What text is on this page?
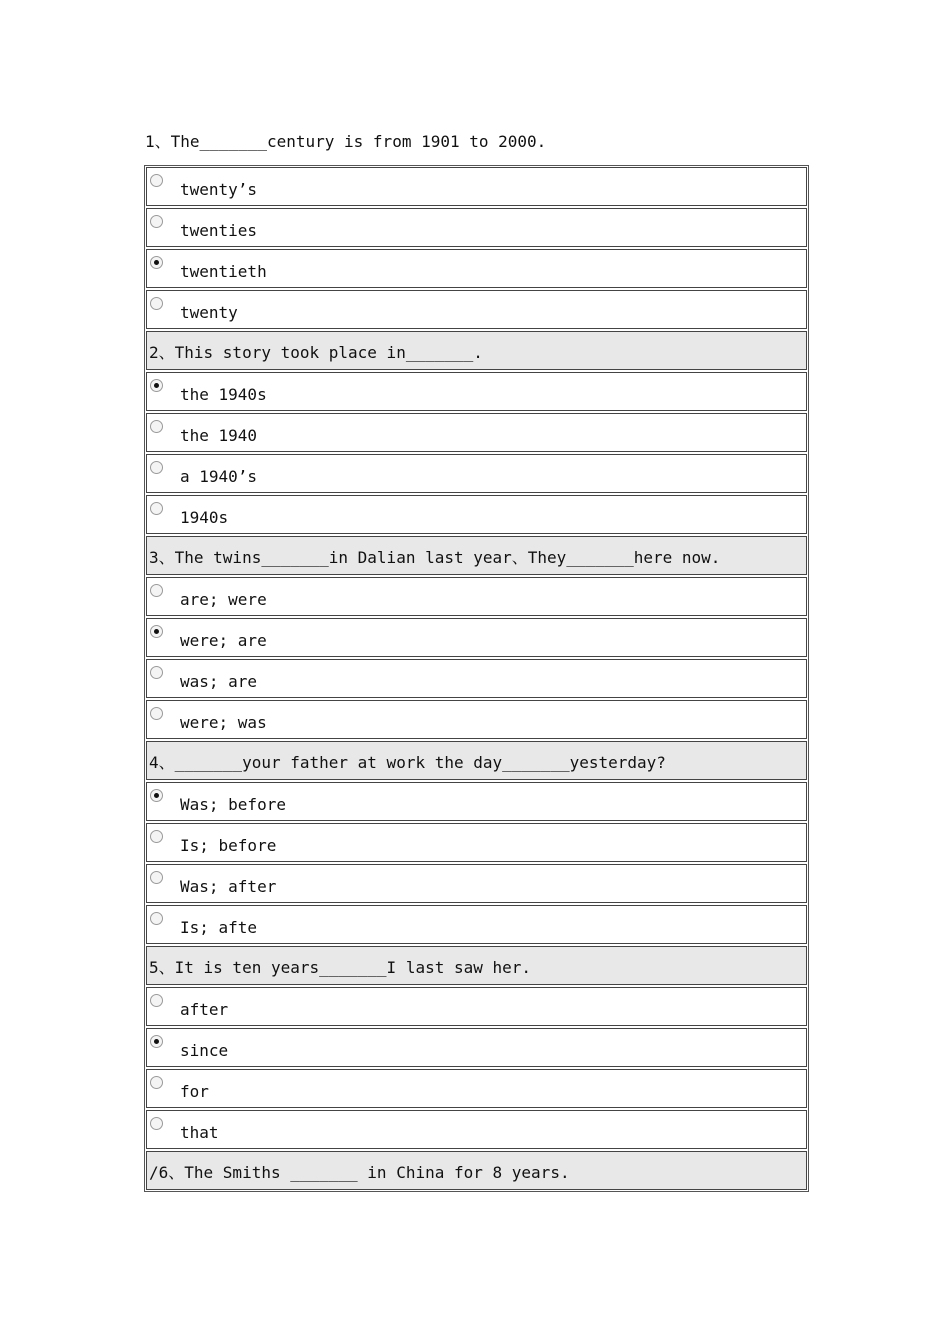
1、The_______century is from 1901 to 2000.
twenty’s
twenties
twentieth
twenty
2、This story took place in_______.
the 1940s
the 1940
a 1940’s
1940s
3、The twins_______in Dalian last year、They_______here now.
are; were
were; are
was; are
were; was
4、_______your father at work the day_______yesterday?
Was; before
Is; before
Was; after
Is; afte
5、It is ten years_______I last saw her.
after
since
for
that
/6、The Smiths _______ in China for 8 years.
